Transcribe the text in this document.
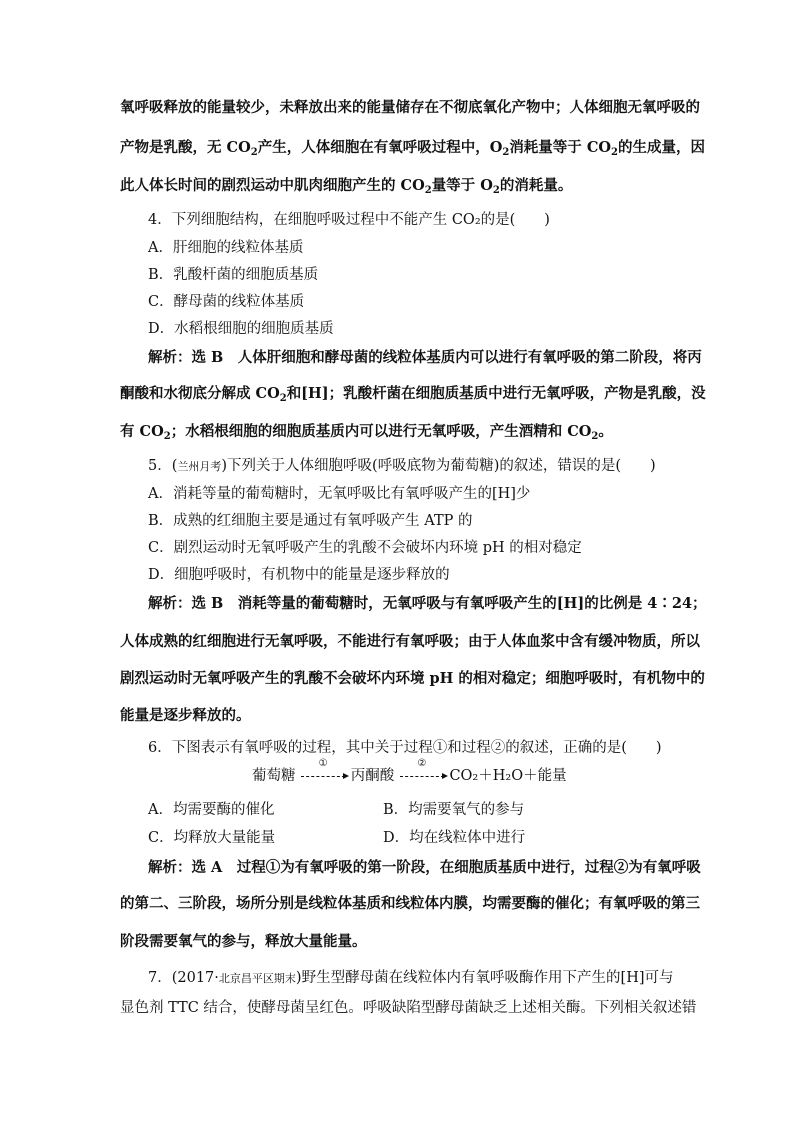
氧呼吸释放的能量较少，未释放出来的能量储存在不彻底氧化产物中；人体细胞无氧呼吸的
产物是乳酸，无 $CO_2$产生，人体细胞在有氧呼吸过程中，$O_2$消耗量等于 $CO_2$的生成量，因
此人体长时间的剧烈运动中肌肉细胞产生的 $CO_2$量等于 $O_2$的消耗量。
4．下列细胞结构，在细胞呼吸过程中不能产生 CO₂的是(　　)
A．肝细胞的线粒体基质
B．乳酸杆菌的细胞质基质
C．酵母菌的线粒体基质
D．水稻根细胞的细胞质基质
解析：选 B　人体肝细胞和酵母菌的线粒体基质内可以进行有氧呼吸的第二阶段，将丙
酮酸和水彻底分解成 $CO_2$和[H]；乳酸杆菌在细胞质基质中进行无氧呼吸，产物是乳酸，没
有 $CO_2$；水稻根细胞的细胞质基质内可以进行无氧呼吸，产生酒精和 $CO_2$。
5．(兰州月考)下列关于人体细胞呼吸(呼吸底物为葡萄糖)的叙述，错误的是(　　)
A．消耗等量的葡萄糖时，无氧呼吸比有氧呼吸产生的[H]少
B．成熟的红细胞主要是通过有氧呼吸产生 ATP 的
C．剧烈运动时无氧呼吸产生的乳酸不会破坏内环境 pH 的相对稳定
D．细胞呼吸时，有机物中的能量是逐步释放的
解析：选 B　消耗等量的葡萄糖时，无氧呼吸与有氧呼吸产生的[H]的比例是 4∶24；
人体成熟的红细胞进行无氧呼吸，不能进行有氧呼吸；由于人体血浆中含有缓冲物质，所以
剧烈运动时无氧呼吸产生的乳酸不会破坏内环境 pH 的相对稳定；细胞呼吸时，有机物中的
能量是逐步释放的。
6．下图表示有氧呼吸的过程，其中关于过程①和过程②的叙述，正确的是(　　)
葡萄糖
①
丙酮酸
②
CO₂＋H₂O＋能量
A．均需要酶的催化	B．均需要氧气的参与
C．均释放大量能量	D．均在线粒体中进行
解析：选 A　过程①为有氧呼吸的第一阶段，在细胞质基质中进行，过程②为有氧呼吸
的第二、三阶段，场所分别是线粒体基质和线粒体内膜，均需要酶的催化；有氧呼吸的第三
阶段需要氧气的参与，释放大量能量。
7．(2017·北京昌平区期末)野生型酵母菌在线粒体内有氧呼吸酶作用下产生的[H]可与
显色剂 TTC 结合，使酵母菌呈红色。呼吸缺陷型酵母菌缺乏上述相关酶。下列相关叙述错
